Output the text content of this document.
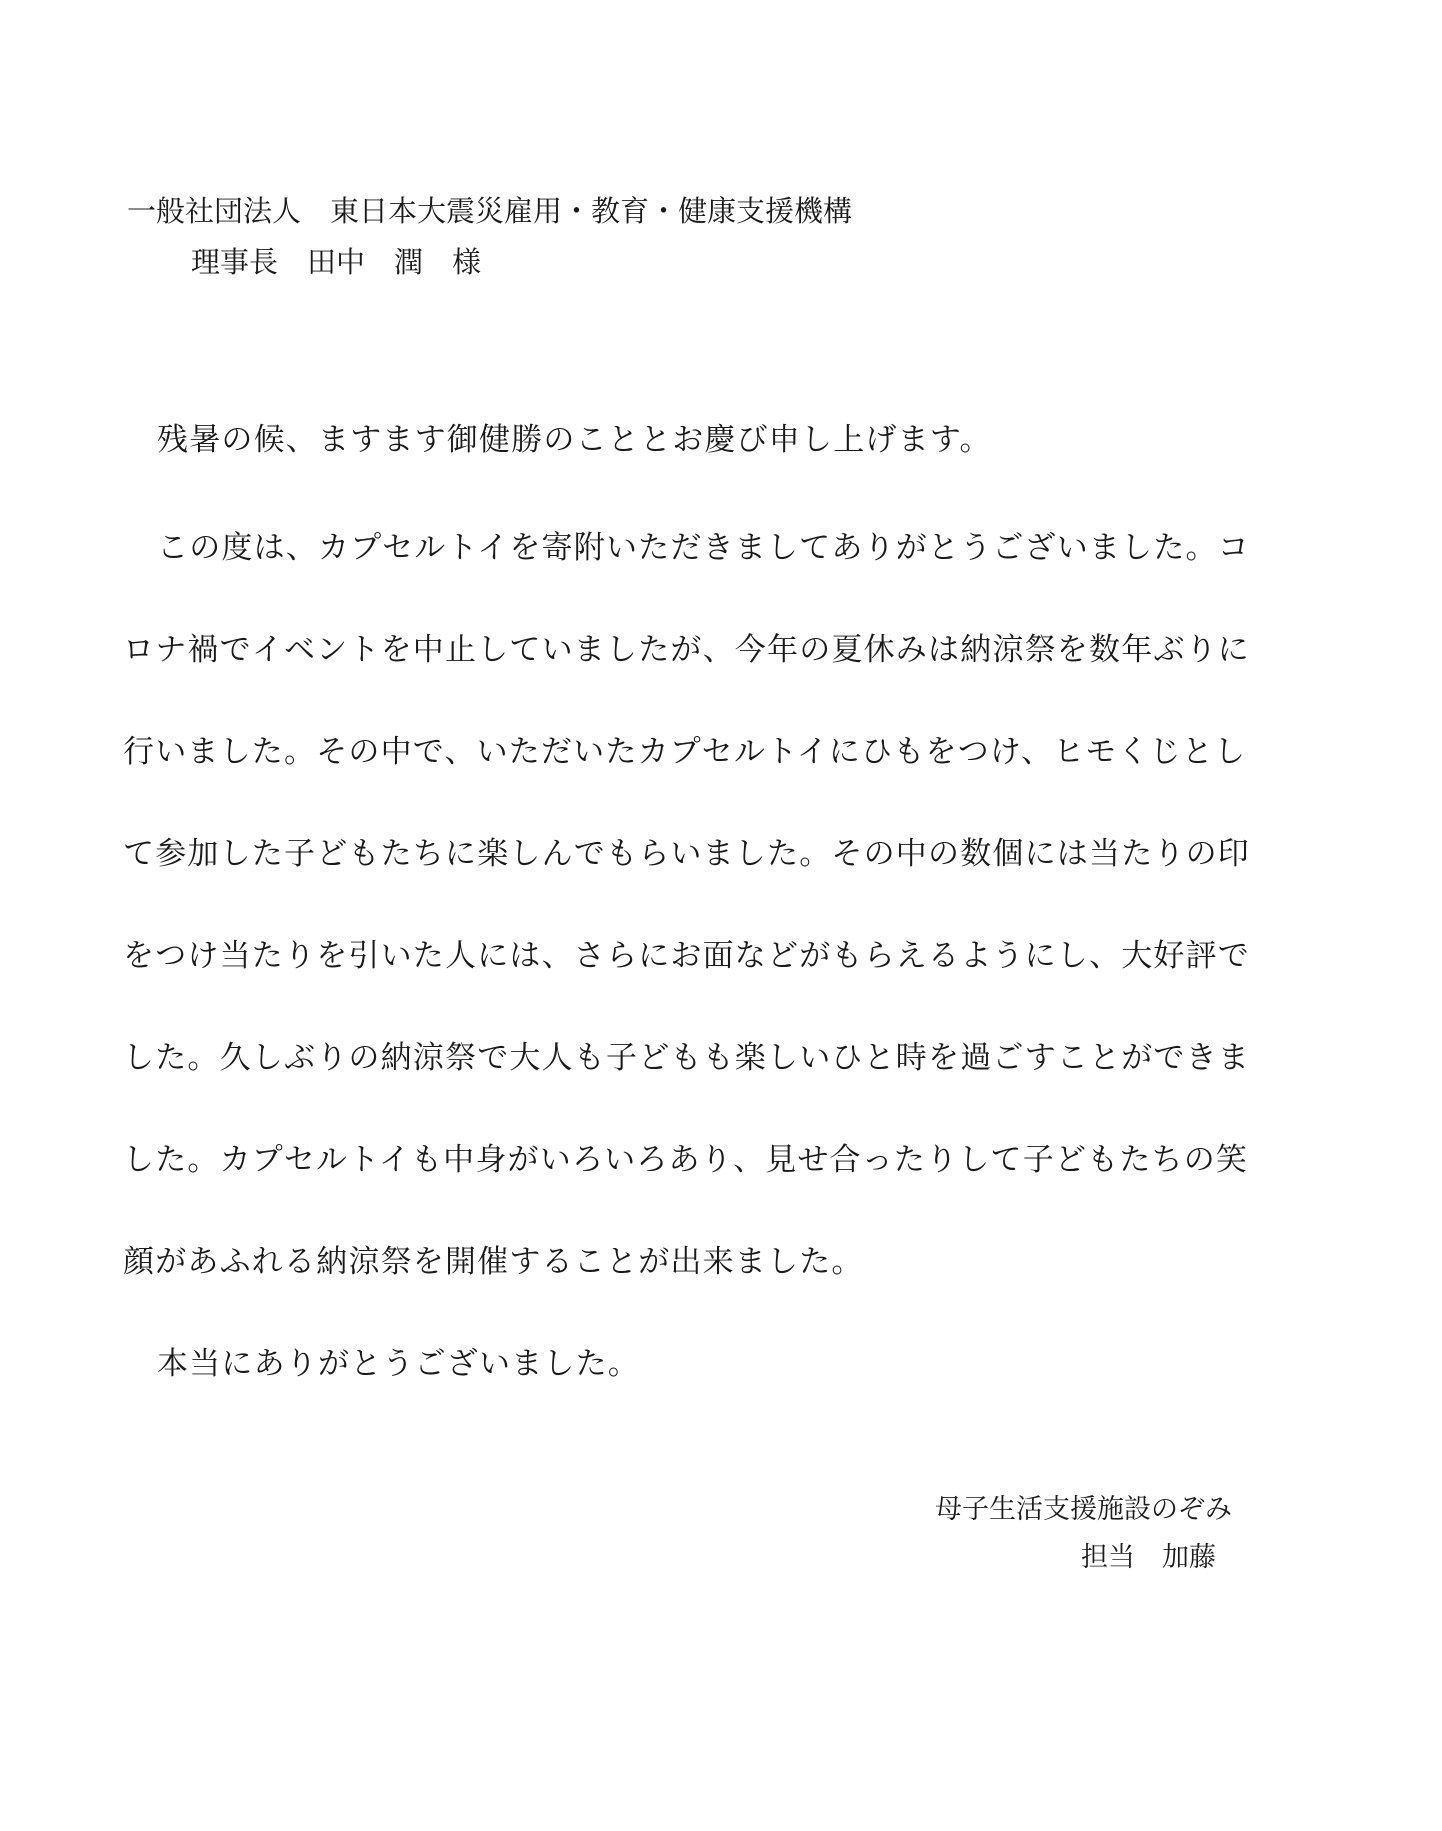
一般社団法人　東日本大震災雇用・教育・健康支援機構
理事長　田中　潤　様
残暑の候、ますます御健勝のこととお慶び申し上げます。
この度は、カプセルトイを寄附いただきましてありがとうございました。コ
ロナ禍でイベントを中止していましたが、今年の夏休みは納涼祭を数年ぶりに
行いました。その中で、いただいたカプセルトイにひもをつけ、ヒモくじとし
て参加した子どもたちに楽しんでもらいました。その中の数個には当たりの印
をつけ当たりを引いた人には、さらにお面などがもらえるようにし、大好評で
した。久しぶりの納涼祭で大人も子どもも楽しいひと時を過ごすことができま
した。カプセルトイも中身がいろいろあり、見せ合ったりして子どもたちの笑
顔があふれる納涼祭を開催することが出来ました。
本当にありがとうございました。
母子生活支援施設のぞみ
担当　加藤
